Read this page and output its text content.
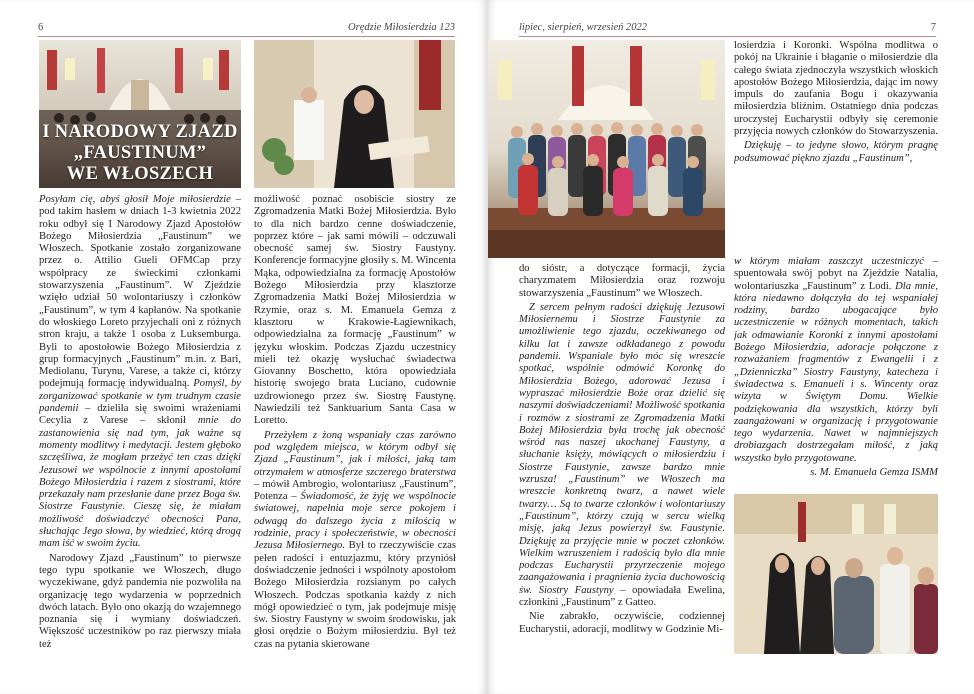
6	Orędzie Miłosierdzia 123
I NARODOWY ZJAZD
„FAUSTINUM”
WE WŁOSZECH

Posyłam cię, abyś głosił Moje miłosierdzie – pod takim hasłem w dniach 1-3 kwietnia 2022 roku odbył się I Narodowy Zjazd Apostołów Bożego Miłosierdzia „Faustinum” we Włoszech. Spotkanie zostało zorganizowane przez o. Attilio Gueli OFMCap przy współpracy ze świeckimi członkami stowarzyszenia „Faustinum”. W Zjeździe wzięło udział 50 wolontariuszy i członków „Faustinum”, w tym 4 kapłanów. Na spotkanie do włoskiego Loreto przyjechali oni z różnych stron kraju, a także 1 osoba z Luksemburga. Byli to apostołowie Bożego Miłosierdzia z grup formacyjnych „Faustinum” m.in. z Bari, Mediolanu, Turynu, Varese, a także ci, którzy podejmują formację indywidualną. Pomyśl, by zorganizować spotkanie w tym trudnym czasie pandemii – dzieliła się swoimi wrażeniami Cecylia z Varese – skłonił mnie do zastanowienia się nad tym, jak ważne są momenty modlitwy i medytacji. Jestem głęboko szczęśliwa, że mogłam przeżyć ten czas dzięki Jezusowi we wspólnocie z innymi apostołami Bożego Miłosierdzia i razem z siostrami, które przekazały nam przesłanie dane przez Boga św. Siostrze Faustynie. Cieszę się, że miałam możliwość doświadczyć obecności Pana, słuchając Jego słowa, by wiedzieć, którą drogą mam iść w swoim życiu.

Narodowy Zjazd „Faustinum” to pierwsze tego typu spotkanie we Włoszech, długo wyczekiwane, gdyż pandemia nie pozwoliła na organizację tego wydarzenia w poprzednich dwóch latach. Było ono okazją do wzajemnego poznania się i wymiany doświadczeń. Większość uczestników po raz pierwszy miała też

możliwość poznać osobiście siostry ze Zgromadzenia Matki Bożej Miłosierdzia. Było to dla nich bardzo cenne doświadczenie, poprzez które – jak sami mówili – odczuwali obecność samej św. Siostry Faustyny. Konferencje formacyjne głosiły s. M. Wincenta Mąka, odpowiedzialna za formację Apostołów Bożego Miłosierdzia przy klasztorze Zgromadzenia Matki Bożej Miłosierdzia w Rzymie, oraz s. M. Emanuela Gemza z klasztoru w Krakowie-Łagiewnikach, odpowiedzialna za formację „Faustinum” w języku włoskim. Podczas Zjazdu uczestnicy mieli też okazję wysłuchać świadectwa Giovanny Boschetto, która opowiedziała historię swojego brata Luciano, cudownie uzdrowionego przez św. Siostrę Faustynę. Nawiedzili też Sanktuarium Santa Casa w Loretto.

Przeżyłem z żoną wspaniały czas zarówno pod względem miejsca, w którym odbył się Zjazd „Faustinum”, jak i miłości, jaką tam otrzymałem w atmosferze szczerego braterstwa – mówił Ambrogio, wolontariusz „Faustinum”, Potenza – Świadomość, że żyję we wspólnocie światowej, napełnia moje serce pokojem i odwagą do dalszego życia z miłością w rodzinie, pracy i społeczeństwie, w obecności Jezusa Miłosiernego. Był to rzeczywiście czas pełen radości i entuzjazmu, który przyniósł doświadczenie jedności i wspólnoty apostołom Bożego Miłosierdzia rozsianym po całych Włoszech. Podczas spotkania każdy z nich mógł opowiedzieć o tym, jak podejmuje misję św. Siostry Faustyny w swoim środowisku, jak głosi orędzie o Bożym miłosierdziu. Był też czas na pytania skierowane

lipiec, sierpień, wrzesień 2022	7

losierdzia i Koronki. Wspólna modlitwa o pokój na Ukrainie i błaganie o miłosierdzie dla całego świata zjednoczyła wszystkich włoskich apostołów Bożego Miłosierdzia, dając im nowy impuls do zaufania Bogu i okazywania miłosierdzia bliźnim. Ostatniego dnia podczas uroczystej Eucharystii odbyły się ceremonie przyjęcia nowych członków do Stowarzyszenia.

Dziękuję – to jedyne słowo, którym pragnę podsumować piękno zjazdu „Faustinum”,

do sióstr, a dotyczące formacji, życia charyzmatem Miłosierdzia oraz rozwoju stowarzyszenia „Faustinum” we Włoszech.

Z sercem pełnym radości dziękuję Jezusowi Miłosiernemu i Siostrze Faustynie za umożliwienie tego zjazdu, oczekiwanego od kilku lat i zawsze odkładanego z powodu pandemii. Wspaniale było móc się wreszcie spotkać, wspólnie odmówić Koronkę do Miłosierdzia Bożego, adorować Jezusa i wypraszać miłosierdzie Boże oraz dzielić się naszymi doświadczeniami! Możliwość spotkania i rozmów z siostrami ze Zgromadzenia Matki Bożej Miłosierdzia była trochę jak obecność wśród nas naszej ukochanej Faustyny, a słuchanie księży, mówiących o miłosierdziu i Siostrze Faustynie, zawsze bardzo mnie wzrusza! „Faustinum” we Włoszech ma wreszcie konkretną twarz, a nawet wiele twarzy… Są to twarze członków i wolontariuszy „Faustinum”, którzy czują w sercu wielką misję, jaką Jezus powierzył św. Faustynie. Dziękuję za przyjęcie mnie w poczet członków. Wielkim wzruszeniem i radością było dla mnie podczas Eucharystii przyrzeczenie mojego zaangażowania i pragnienia życia duchowością św. Siostry Faustyny – opowiadała Ewelina, członkini „Faustinum” z Gatteo.

Nie zabrakło, oczywiście, codziennej Eucharystii, adoracji, modlitwy w Godzinie Mi-

w którym miałam zaszczyt uczestniczyć – spuentowała swój pobyt na Zjeździe Natalia, wolontariuszka „Faustinum” z Lodi. Dla mnie, która niedawno dołączyła do tej wspaniałej rodziny, bardzo ubogacające było uczestniczenie w różnych momentach, takich jak odmawianie Koronki z innymi apostołami Bożego Miłosierdzia, adoracje połączone z rozważaniem fragmentów z Ewangelii i z „Dzienniczka” Siostry Faustyny, katecheza i świadectwa s. Emanueli i s. Wincenty oraz wizyta w Świętym Domu. Wielkie podziękowania dla wszystkich, którzy byli zaangażowani w organizację i przygotowanie tego wydarzenia. Nawet w najmniejszych drobiazgach dostrzegałam miłość, z jaką wszystko było przygotowane.

s. M. Emanuela Gemza ISMM
